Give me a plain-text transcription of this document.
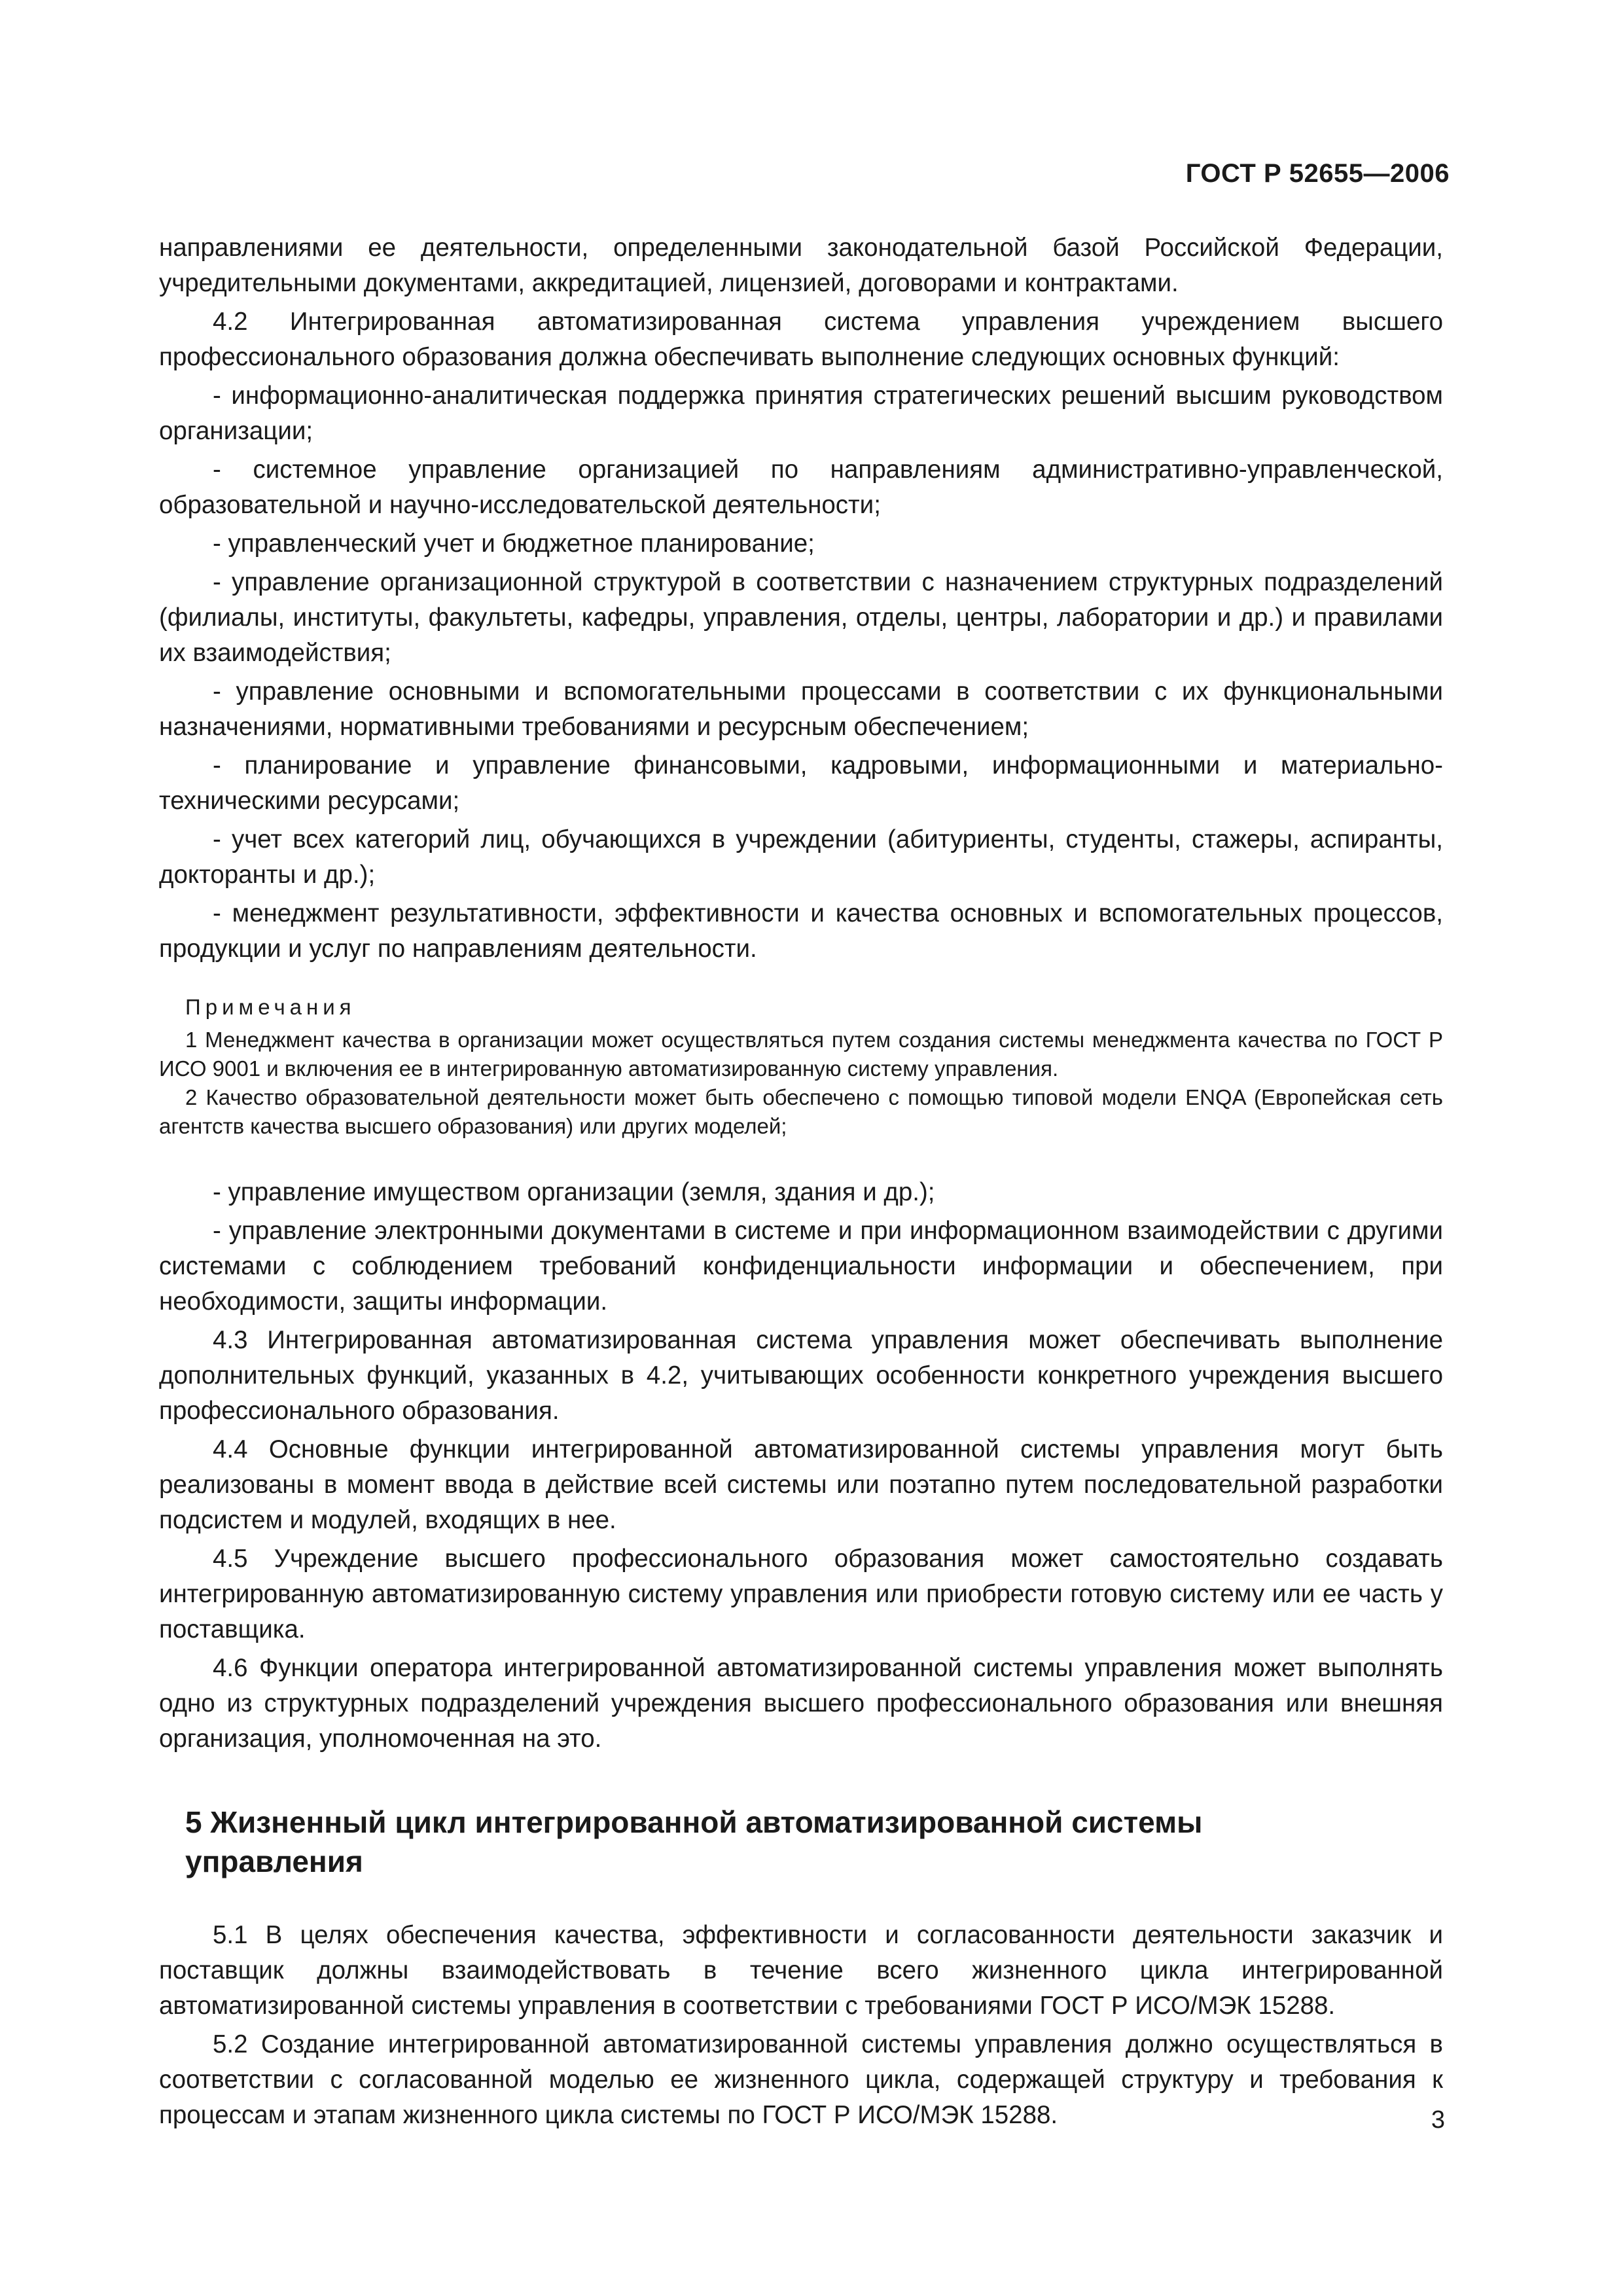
ГОСТ Р 52655—2006

направлениями ее деятельности, определенными законодательной базой Российской Федерации, учредительными документами, аккредитацией, лицензией, договорами и контрактами.

4.2 Интегрированная автоматизированная система управления учреждением высшего профессионального образования должна обеспечивать выполнение следующих основных функций:

- информационно-аналитическая поддержка принятия стратегических решений высшим руководством организации;

- системное управление организацией по направлениям административно-управленческой, образовательной и научно-исследовательской деятельности;

- управленческий учет и бюджетное планирование;

- управление организационной структурой в соответствии с назначением структурных подразделений (филиалы, институты, факультеты, кафедры, управления, отделы, центры, лаборатории и др.) и правилами их взаимодействия;

- управление основными и вспомогательными процессами в соответствии с их функциональными назначениями, нормативными требованиями и ресурсным обеспечением;

- планирование и управление финансовыми, кадровыми, информационными и материально-техническими ресурсами;

- учет всех категорий лиц, обучающихся в учреждении (абитуриенты, студенты, стажеры, аспиранты, докторанты и др.);

- менеджмент результативности, эффективности и качества основных и вспомогательных процессов, продукции и услуг по направлениям деятельности.

Примечания

1 Менеджмент качества в организации может осуществляться путем создания системы менеджмента качества по ГОСТ Р ИСО 9001 и включения ее в интегрированную автоматизированную систему управления.

2 Качество образовательной деятельности может быть обеспечено с помощью типовой модели ENQA (Европейская сеть агентств качества высшего образования) или других моделей;

- управление имуществом организации (земля, здания и др.);

- управление электронными документами в системе и при информационном взаимодействии с другими системами с соблюдением требований конфиденциальности информации и обеспечением, при необходимости, защиты информации.

4.3 Интегрированная автоматизированная система управления может обеспечивать выполнение дополнительных функций, указанных в 4.2, учитывающих особенности конкретного учреждения высшего профессионального образования.

4.4 Основные функции интегрированной автоматизированной системы управления могут быть реализованы в момент ввода в действие всей системы или поэтапно путем последовательной разработки подсистем и модулей, входящих в нее.

4.5 Учреждение высшего профессионального образования может самостоятельно создавать интегрированную автоматизированную систему управления или приобрести готовую систему или ее часть у поставщика.

4.6 Функции оператора интегрированной автоматизированной системы управления может выполнять одно из структурных подразделений учреждения высшего профессионального образования или внешняя организация, уполномоченная на это.

5 Жизненный цикл интегрированной автоматизированной системы управления

5.1 В целях обеспечения качества, эффективности и согласованности деятельности заказчик и поставщик должны взаимодействовать в течение всего жизненного цикла интегрированной автоматизированной системы управления в соответствии с требованиями ГОСТ Р ИСО/МЭК 15288.

5.2 Создание интегрированной автоматизированной системы управления должно осуществляться в соответствии с согласованной моделью ее жизненного цикла, содержащей структуру и требования к процессам и этапам жизненного цикла системы по ГОСТ Р ИСО/МЭК 15288.	3
